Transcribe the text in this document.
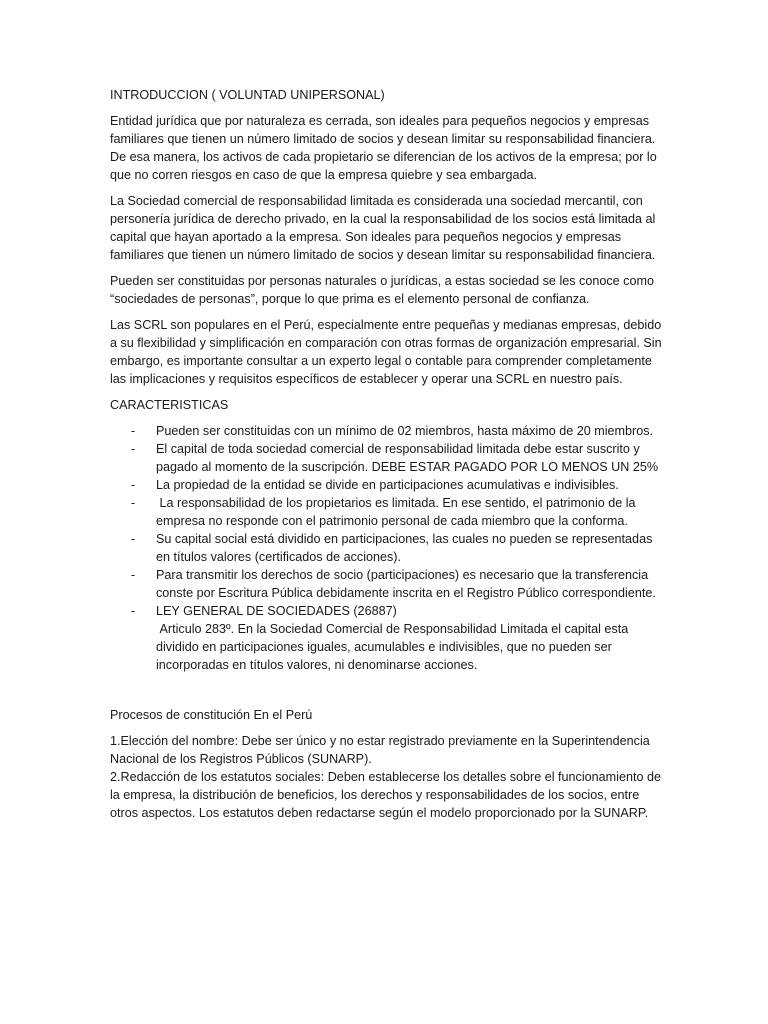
INTRODUCCION ( VOLUNTAD UNIPERSONAL)

Entidad jurídica que por naturaleza es cerrada, son ideales para pequeños negocios y empresas familiares que tienen un número limitado de socios y desean limitar su responsabilidad financiera. De esa manera, los activos de cada propietario se diferencian de los activos de la empresa; por lo que no corren riesgos en caso de que la empresa quiebre y sea embargada.

La Sociedad comercial de responsabilidad limitada es considerada una sociedad mercantil, con personería jurídica de derecho privado, en la cual la responsabilidad de los socios está limitada al capital que hayan aportado a la empresa. Son ideales para pequeños negocios y empresas familiares que tienen un número limitado de socios y desean limitar su responsabilidad financiera.

Pueden ser constituidas por personas naturales o jurídicas, a estas sociedad se les conoce como “sociedades de personas”, porque lo que prima es el elemento personal de confianza.

Las SCRL son populares en el Perú, especialmente entre pequeñas y medianas empresas, debido a su flexibilidad y simplificación en comparación con otras formas de organización empresarial. Sin embargo, es importante consultar a un experto legal o contable para comprender completamente las implicaciones y requisitos específicos de establecer y operar una SCRL en nuestro país.

CARACTERISTICAS

- Pueden ser constituidas con un mínimo de 02 miembros, hasta máximo de 20 miembros.
- El capital de toda sociedad comercial de responsabilidad limitada debe estar suscrito y pagado al momento de la suscripción. DEBE ESTAR PAGADO POR LO MENOS UN 25%
- La propiedad de la entidad se divide en participaciones acumulativas e indivisibles.
- La responsabilidad de los propietarios es limitada. En ese sentido, el patrimonio de la empresa no responde con el patrimonio personal de cada miembro que la conforma.
- Su capital social está dividido en participaciones, las cuales no pueden se representadas en títulos valores (certificados de acciones).
- Para transmitir los derechos de socio (participaciones) es necesario que la transferencia conste por Escritura Pública debidamente inscrita en el Registro Público correspondiente.
- LEY GENERAL DE SOCIEDADES (26887)
Articulo 283º. En la Sociedad Comercial de Responsabilidad Limitada el capital esta dividido en participaciones iguales, acumulables e indivisibles, que no pueden ser incorporadas en títulos valores, ni denominarse acciones.

Procesos de constitución En el Perú

1.Elección del nombre: Debe ser único y no estar registrado previamente en la Superintendencia Nacional de los Registros Públicos (SUNARP).

2.Redacción de los estatutos sociales: Deben establecerse los detalles sobre el funcionamiento de la empresa, la distribución de beneficios, los derechos y responsabilidades de los socios, entre otros aspectos. Los estatutos deben redactarse según el modelo proporcionado por la SUNARP.
